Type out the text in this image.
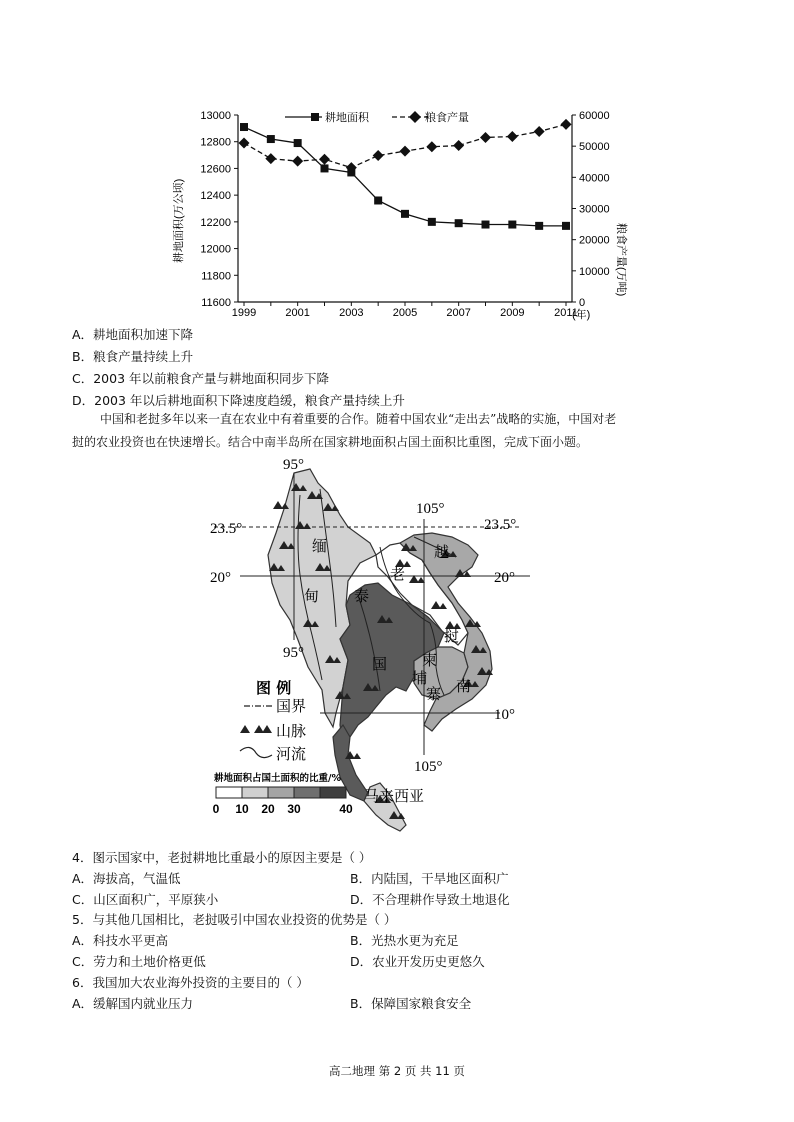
13000
12800
12600
12400
12200
12000
11800
11600
60000
50000
40000
30000
20000
10000
0
1999	2001	2003	2005	2007	2009	2011
耕地面积	粮食产量
耕地面积(万公顷)	粮食产量(万吨)
(年)
A．耕地面积加速下降
B．粮食产量持续上升
C．2003 年以前粮食产量与耕地面积同步下降
D．2003 年以后耕地面积下降速度趋缓，粮食产量持续上升
中国和老挝多年以来一直在农业中有着重要的合作。随着中国农业“走出去”战略的实施，中国对老
挝的农业投资也在快速增长。结合中南半岛所在国家耕地面积占国土面积比重图，完成下面小题。
95°
95°
105°
105°
23.5°	23.5°
20°	20°
10°
缅
甸
老
越
泰
国
挝
南
柬
埔
寨
马来西亚
图 例
国界
山脉
河流
耕地面积占国土面积的比重/%
0 10 20 30	40
4．图示国家中，老挝耕地比重最小的原因主要是（ ）
A．海拔高，气温低	B．内陆国，干旱地区面积广
C．山区面积广，平原狭小	D．不合理耕作导致土地退化
5．与其他几国相比，老挝吸引中国农业投资的优势是（ ）
A．科技水平更高	B．光热水更为充足
C．劳力和土地价格更低	D．农业开发历史更悠久
6．我国加大农业海外投资的主要目的（ ）
A．缓解国内就业压力	B．保障国家粮食安全
高二地理 第 2 页 共 11 页
